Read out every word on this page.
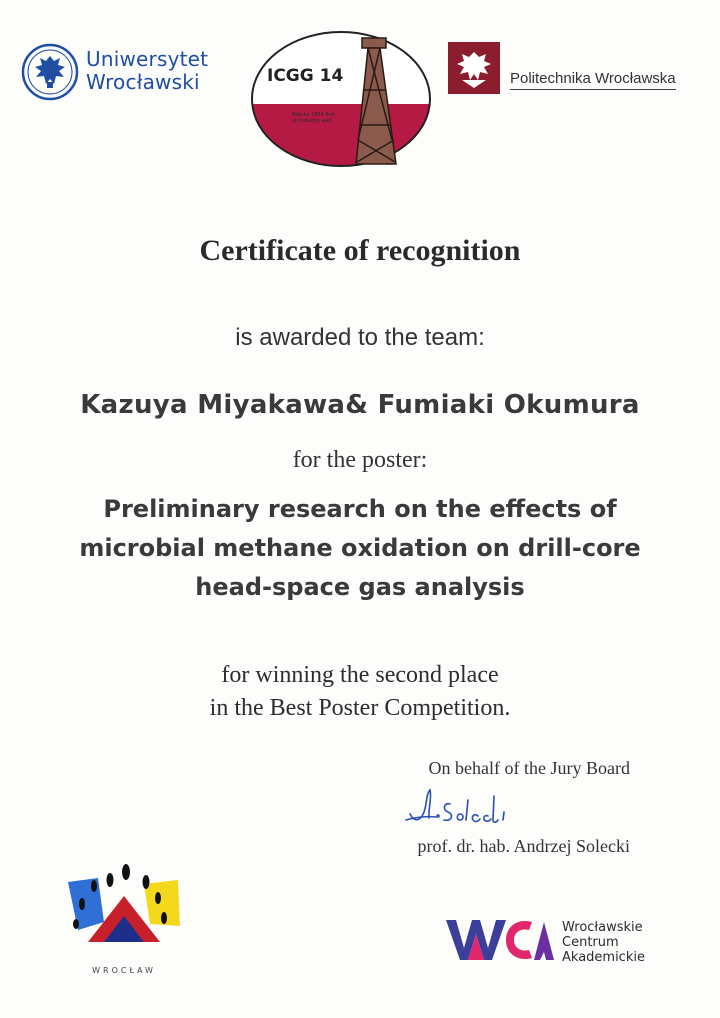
Uniwersytet
Wrocławski	ICGG 14
Bóbrka 1854 first oil industry well
Politechnika Wrocławska
Certificate of recognition
is awarded to the team:
Kazuya Miyakawa& Fumiaki Okumura
for the poster:
Preliminary research on the effects of microbial methane oxidation on drill-core head-space gas analysis
for winning the second place
in the Best Poster Competition.
On behalf of the Jury Board
prof. dr. hab. Andrzej Solecki
WROCŁAW
Wrocławskie
Centrum
Akademickie
